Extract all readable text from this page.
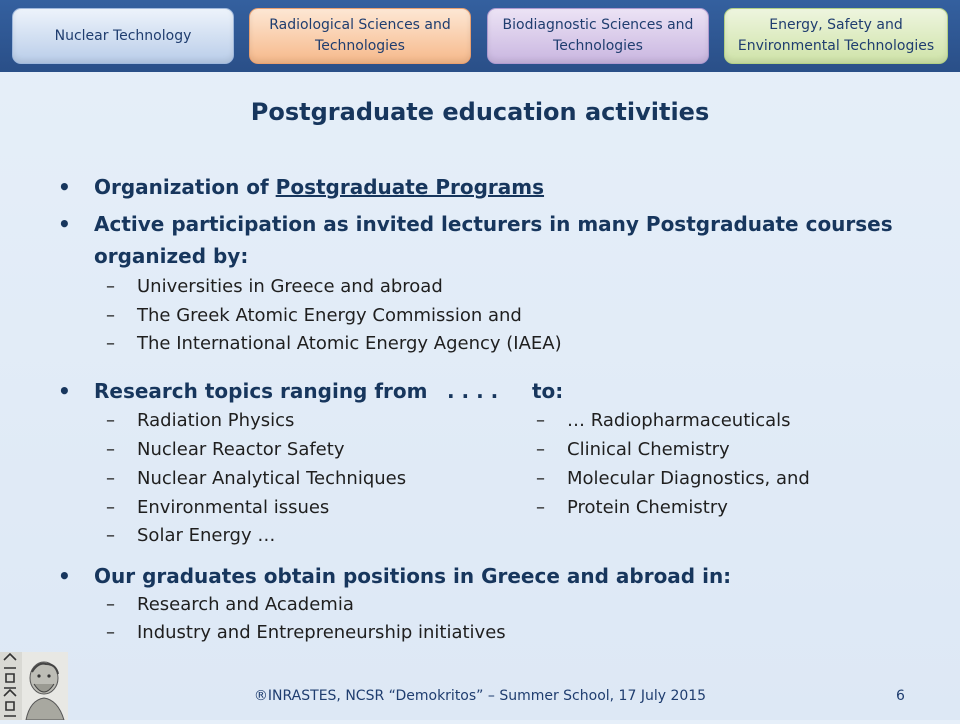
Nuclear Technology
Radiological Sciences and Technologies
Biodiagnostic Sciences and Technologies
Energy, Safety and Environmental Technologies
Postgraduate education activities
• Organization of Postgraduate Programs
• Active participation as invited lecturers in many Postgraduate courses
organized by:
– Universities in Greece and abroad
– The Greek Atomic Energy Commission and
– The International Atomic Energy Agency (IAEA)
• Research topics ranging from . . . . to:
– Radiation Physics
– Nuclear Reactor Safety
– Nuclear Analytical Techniques
– Environmental issues
– Solar Energy …
– … Radiopharmaceuticals
– Clinical Chemistry
– Molecular Diagnostics, and
– Protein Chemistry
• Our graduates obtain positions in Greece and abroad in:
– Research and Academia
– Industry and Entrepreneurship initiatives
®INRASTES, NCSR “Demokritos” – Summer School, 17 July 2015	6
